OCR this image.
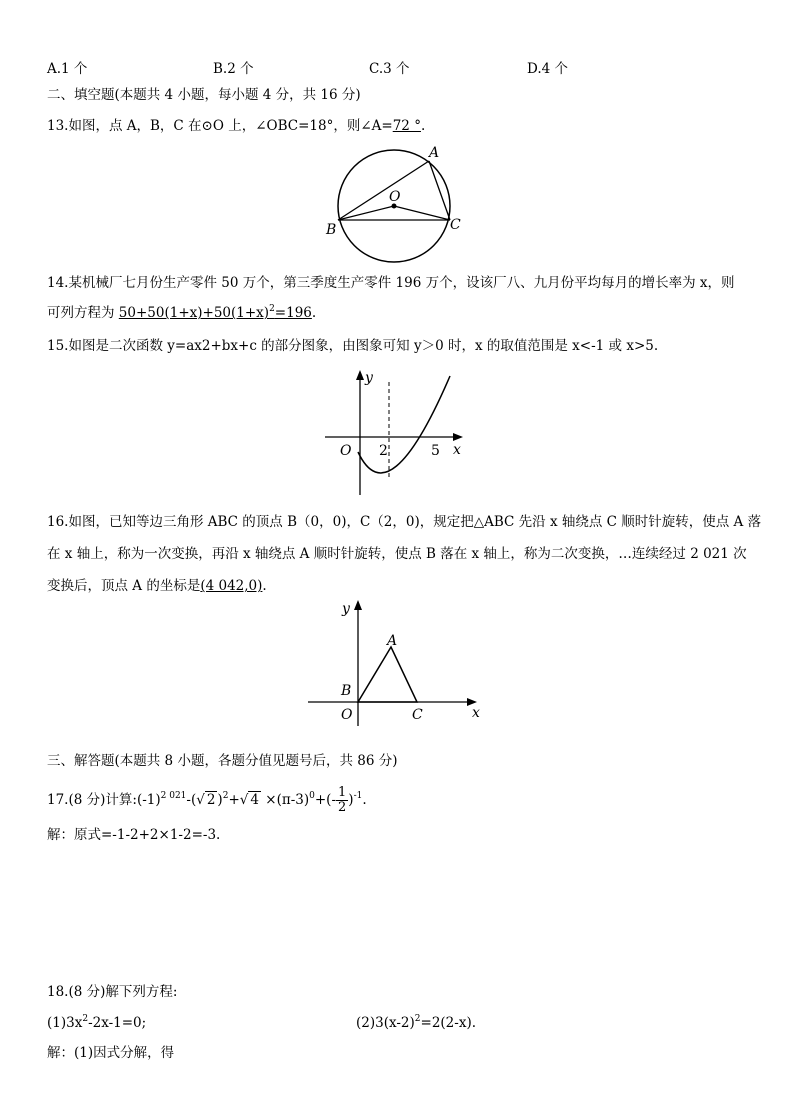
A.1 个	B.2 个	C.3 个	D.4 个
二、填空题(本题共 4 小题，每小题 4 分，共 16 分)
13.如图，点 A，B，C 在⊙O 上，∠OBC=18°，则∠A=72 °.
A
O
B	C
14.某机械厂七月份生产零件 50 万个，第三季度生产零件 196 万个，设该厂八、九月份平均每月的增长率为 x，则
可列方程为 $50+50(1+x)+50(1+x)^2=196$.
15.如图是二次函数 y=ax2+bx+c 的部分图象，由图象可知 y＞0 时，x 的取值范围是 x<-1 或 x>5.
y
x
O 2	5
16.如图，已知等边三角形 ABC 的顶点 B（0，0)，C（2，0)，规定把△ABC 先沿 x 轴绕点 C 顺时针旋转，使点 A 落
在 x 轴上，称为一次变换，再沿 x 轴绕点 A 顺时针旋转，使点 B 落在 x 轴上，称为二次变换，…连续经过 2 021 次
变换后，顶点 A 的坐标是(4 042,0).
y
A
B
O	C	x
三、解答题(本题共 8 小题，各题分值见题号后，共 86 分)
17.(8 分)计算$:(-1)^{2 021}-(√$ 2 )$^2$+√ $4 \times(\pi-3)^0+(- \frac{1}{2} )^{-1}$.
解：原式=-1-2+2×1-2=-3.
18.(8 分)解下列方程:
$(1)3x^2-2x-1=0$;	$(2)3(x-2)^2=2(2-x)$.
解：(1)因式分解，得
